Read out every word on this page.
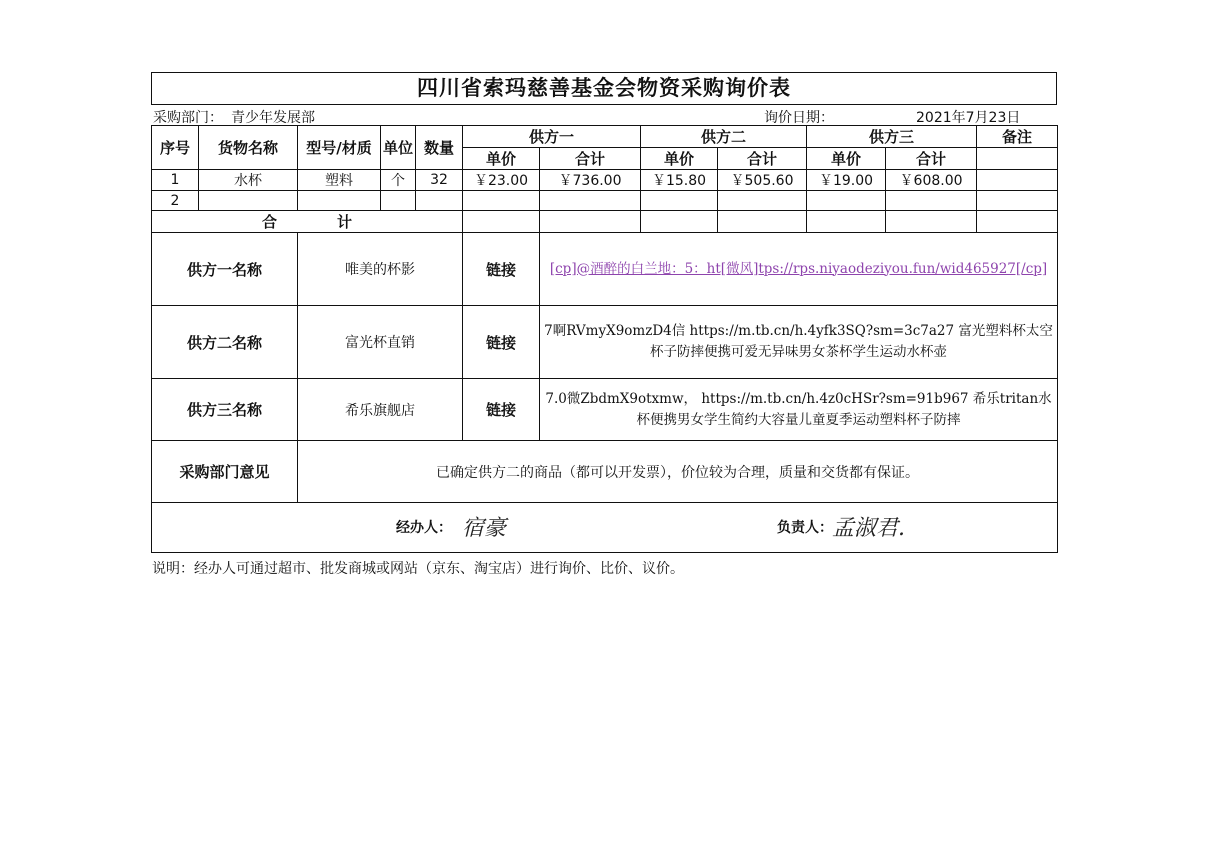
四川省索玛慈善基金会物资采购询价表
采购部门： 青少年发展部	询价日期：	2021年7月23日
序号	货物名称	型号/材质	单位	数量	供方一		供方二		供方三		备注
					单价	合计	单价	合计	单价	合计	
1	水杯	塑料	个	32	￥23.00	￥736.00	￥15.80	￥505.60	￥19.00	￥608.00	
2											
合　　　　计											
供方一名称		唯美的杯影			链接	[cp]@酒醉的白兰地：5：ht[微风]tps://rps.niyaodeziyou.fun/wid465927[/cp]					
供方二名称		富光杯直销			链接	7啊RVmyX9omzD4信 https://m.tb.cn/h.4yfk3SQ?sm=3c7a27 富光塑料杯太空杯子防摔便携可爱无异味男女茶杯学生运动水杯壶					
供方三名称		希乐旗舰店			链接	7.0微ZbdmX9otxmw， https://m.tb.cn/h.4z0cHSr?sm=91b967 希乐tritan水杯便携男女学生简约大容量儿童夏季运动塑料杯子防摔					
采购部门意见		已确定供方二的商品（都可以开发票），价位较为合理，质量和交货都有保证。									

经办人： 宿豪 负责人： 孟淑君.											
说明：经办人可通过超市、批发商城或网站（京东、淘宝店）进行询价、比价、议价。
